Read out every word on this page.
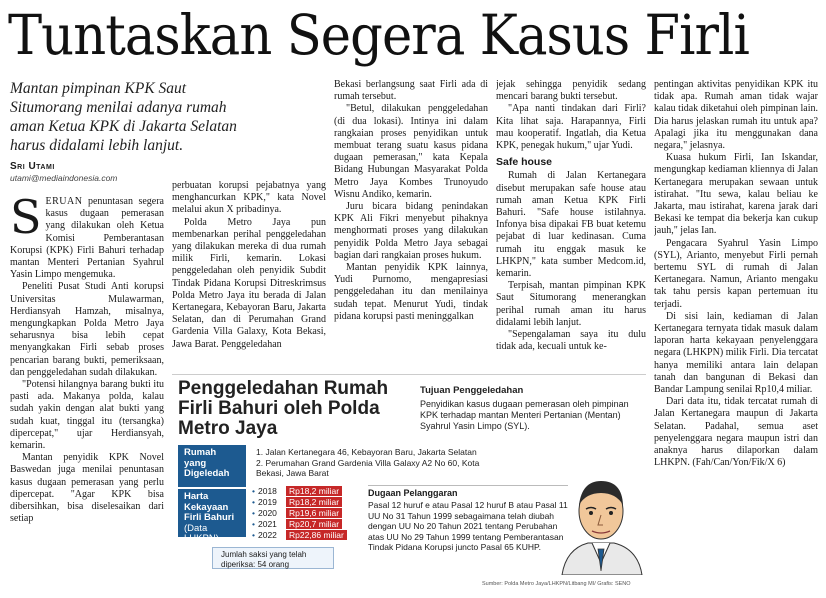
Tuntaskan Segera Kasus Firli
Mantan pimpinan KPK Saut Situmorang menilai adanya rumah aman Ketua KPK di Jakarta Selatan harus didalami lebih lanjut.
Sri Utami
utami@mediaindonesia.com

SERUAN penuntasan segera kasus dugaan pemerasan yang dilakukan oleh Ketua Komisi Pemberantasan Korupsi (KPK) Firli Bahuri terhadap mantan Menteri Pertanian Syahrul Yasin Limpo mengemuka.

Peneliti Pusat Studi Anti korupsi Universitas Mulawarman, Herdiansyah Hamzah, misalnya, mengungkapkan Polda Metro Jaya seharusnya bisa lebih cepat menyangkakan Firli sebab proses pencarian barang bukti, pemeriksaan, dan penggeledahan sudah dilakukan.

"Potensi hilangnya barang bukti itu pasti ada. Makanya polda, kalau sudah yakin dengan alat bukti yang sudah kuat, tinggal itu (tersangka) dipercepat," ujar Herdiansyah, kemarin.

Mantan penyidik KPK Novel Baswedan juga menilai penuntasan kasus dugaan pemerasan yang perlu dipercepat. "Agar KPK bisa dibersihkan, bisa diselesaikan dari setiap

perbuatan korupsi pejabatnya yang menghancurkan KPK," kata Novel melalui akun X pribadinya.

Polda Metro Jaya pun membenarkan perihal penggeledahan yang dilakukan mereka di dua rumah milik Firli, kemarin. Lokasi penggeledahan oleh penyidik Subdit Tindak Pidana Korupsi Ditreskrimsus Polda Metro Jaya itu berada di Jalan Kertanegara, Kebayoran Baru, Jakarta Selatan, dan di Perumahan Grand Gardenia Villa Galaxy, Kota Bekasi, Jawa Barat. Penggeledahan

Bekasi berlangsung saat Firli ada di rumah tersebut.

"Betul, dilakukan penggeledahan (di dua lokasi). Intinya ini dalam rangkaian proses penyidikan untuk membuat terang suatu kasus pidana dugaan pemerasan," kata Kepala Bidang Hubungan Masyarakat Polda Metro Jaya Kombes Trunoyudo Wisnu Andiko, kemarin.

Juru bicara bidang penindakan KPK Ali Fikri menyebut pihaknya menghormati proses yang dilakukan penyidik Polda Metro Jaya sebagai bagian dari rangkaian proses hukum.

Mantan penyidik KPK lainnya, Yudi Purnomo, mengapresiasi penggeledahan itu dan menilainya sudah tepat. Menurut Yudi, tindak pidana korupsi pasti meninggalkan

jejak sehingga penyidik sedang mencari barang bukti tersebut.

"Apa nanti tindakan dari Firli? Kita lihat saja. Harapannya, Firli mau kooperatif. Ingatlah, dia Ketua KPK, penegak hukum," ujar Yudi.

Safe house

Rumah di Jalan Kertanegara disebut merupakan safe house atau rumah aman Ketua KPK Firli Bahuri. "Safe house istilahnya. Infonya bisa dipakai FB buat ketemu pejabat di luar kedinasan. Cuma rumah itu enggak masuk ke LHKPN," kata sumber Medcom.id, kemarin.

Terpisah, mantan pimpinan KPK Saut Situmorang menerangkan perihal rumah aman itu harus didalami lebih lanjut.

"Sepengalaman saya itu dulu tidak ada, kecuali untuk ke-

pentingan aktivitas penyidikan KPK itu tidak apa. Rumah aman tidak wajar kalau tidak diketahui oleh pimpinan lain. Dia harus jelaskan rumah itu untuk apa? Apalagi jika itu menggunakan dana negara," jelasnya.

Kuasa hukum Firli, Ian Iskandar, mengungkap kediaman kliennya di Jalan Kertanegara merupakan sewaan untuk istirahat. "Itu sewa, kalau beliau ke Jakarta, mau istirahat, karena jarak dari Bekasi ke tempat dia bekerja kan cukup jauh," jelas Ian.

Pengacara Syahrul Yasin Limpo (SYL), Arianto, menyebut Firli pernah bertemu SYL di rumah di Jalan Kertanegara. Namun, Arianto mengaku tak tahu persis kapan pertemuan itu terjadi.

Di sisi lain, kediaman di Jalan Kertanegara ternyata tidak masuk dalam laporan harta kekayaan penyelenggara negara (LHKPN) milik Firli. Dia tercatat hanya memiliki antara lain delapan tanah dan bangunan di Bekasi dan Bandar Lampung senilai Rp10,4 miliar.

Dari data itu, tidak tercatat rumah di Jalan Kertanegara maupun di Jakarta Selatan. Padahal, semua aset penyelenggara negara maupun istri dan anaknya harus dilaporkan dalam LHKPN. (Fah/Can/Yon/Fik/X 6)

Penggeledahan Rumah Firli Bahuri oleh Polda Metro Jaya
Tujuan Penggeledahan
Penyidikan kasus dugaan pemerasan oleh pimpinan KPK terhadap mantan Menteri Pertanian (Mentan) Syahrul Yasin Limpo (SYL).
Rumah yang Digeledah
1. Jalan Kertanegara 46, Kebayoran Baru, Jakarta Selatan
2. Perumahan Grand Gardenia Villa Galaxy A2 No 60, Kota Bekasi, Jawa Barat
Harta Kekayaan Firli Bahuri
(Data LHKPN)
• 2018	Rp18,2 miliar
• 2019	Rp18,2 miliar
• 2020	Rp19,6 miliar
• 2021	Rp20,7 miliar
• 2022	Rp22,86 miliar
Jumlah saksi yang telah diperiksa: 54 orang
Dugaan Pelanggaran
Pasal 12 huruf e atau Pasal 12 huruf B atau Pasal 11 UU No 31 Tahun 1999 sebagaimana telah diubah dengan UU No 20 Tahun 2021 tentang Perubahan atas UU No 29 Tahun 1999 tentang Pemberantasan Tindak Pidana Korupsi juncto Pasal 65 KUHP.
Sumber: Polda Metro Jaya/LHKPN/Litbang MI/ Grafis: SENO
